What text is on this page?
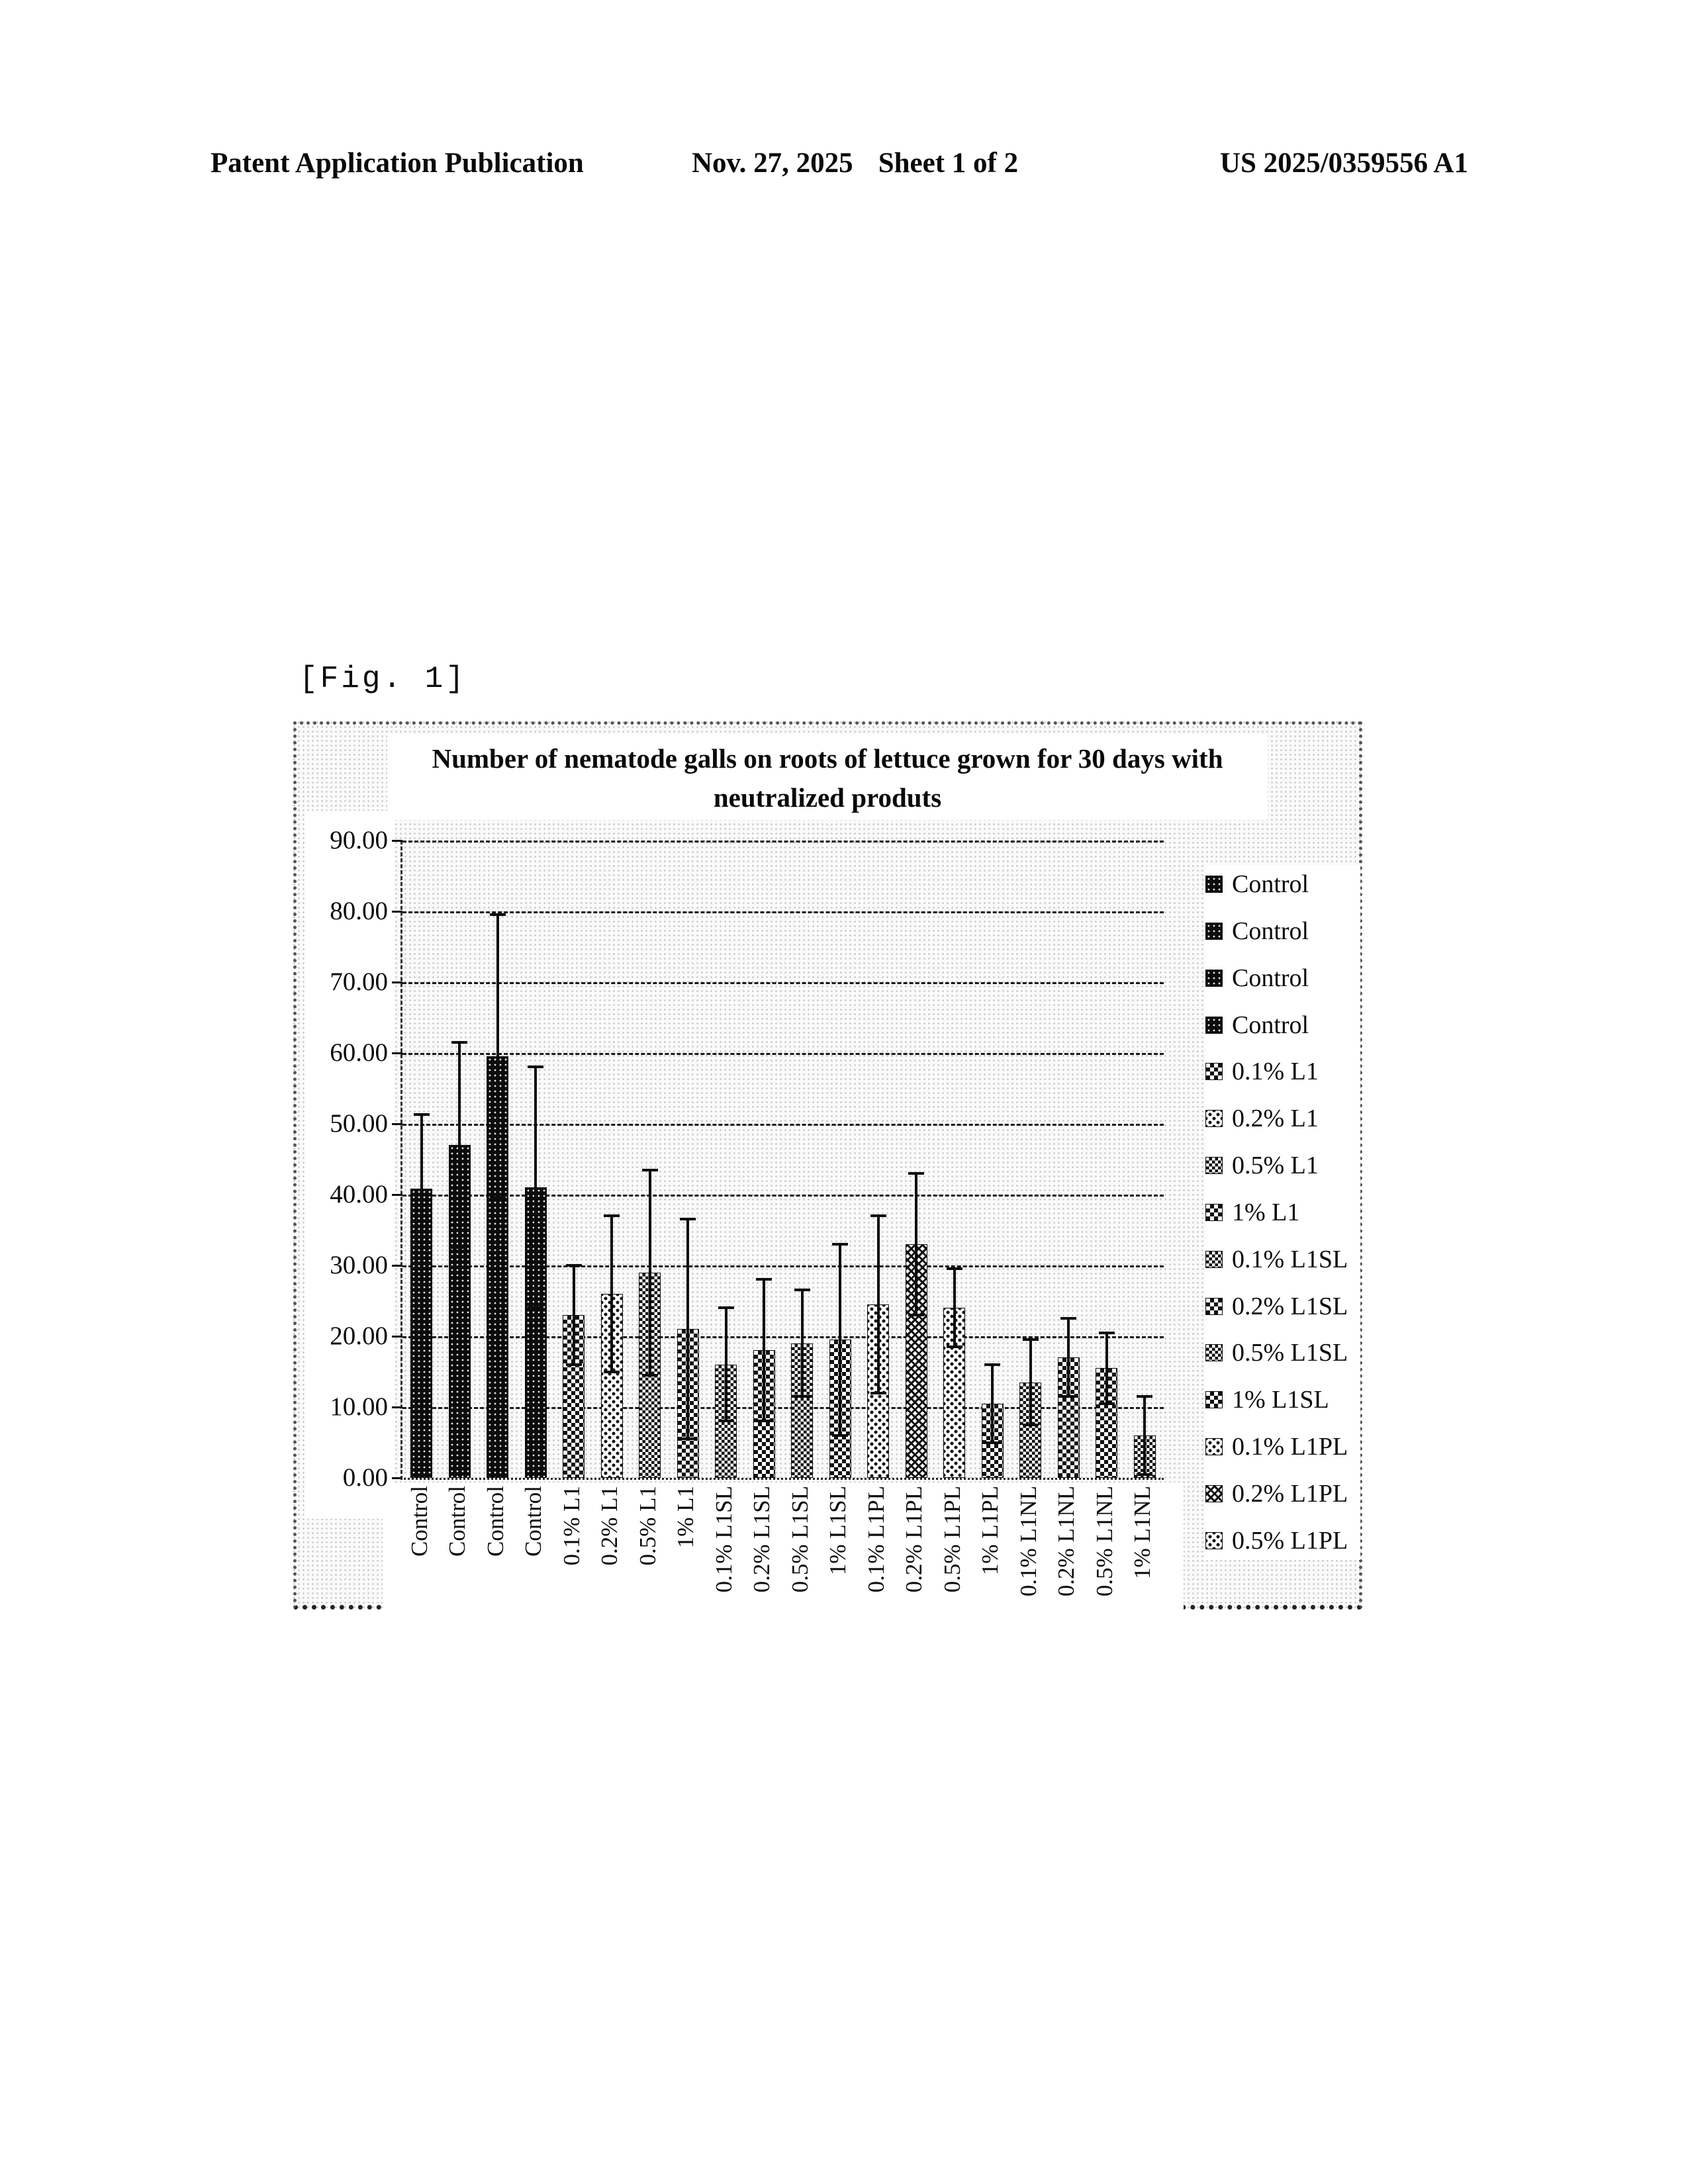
Patent Application Publication	Nov. 27, 2025 Sheet 1 of 2	US 2025/0359556 A1
[Fig. 1]
Number of nematode galls on roots of lettuce grown for 30 days with
neutralized produts
0.00
10.00
20.00
30.00
40.00
50.00
60.00
70.00
80.00
90.00
Control
Control
Control
Control
0.1% L1
0.2% L1
0.5% L1
1% L1
0.1% L1SL
0.2% L1SL
0.5% L1SL
1% L1SL
0.1% L1PL
0.2% L1PL
0.5% L1PL
Control Control Control Control 0.1% L1 0.2% L1 0.5% L1 1% L1 0.1% L1SL 0.2% L1SL 0.5% L1SL 1% L1SL 0.1% L1PL 0.2% L1PL 0.5% L1PL 1% L1PL 0.1% L1NL 0.2% L1NL 0.5% L1NL 1% L1NL
